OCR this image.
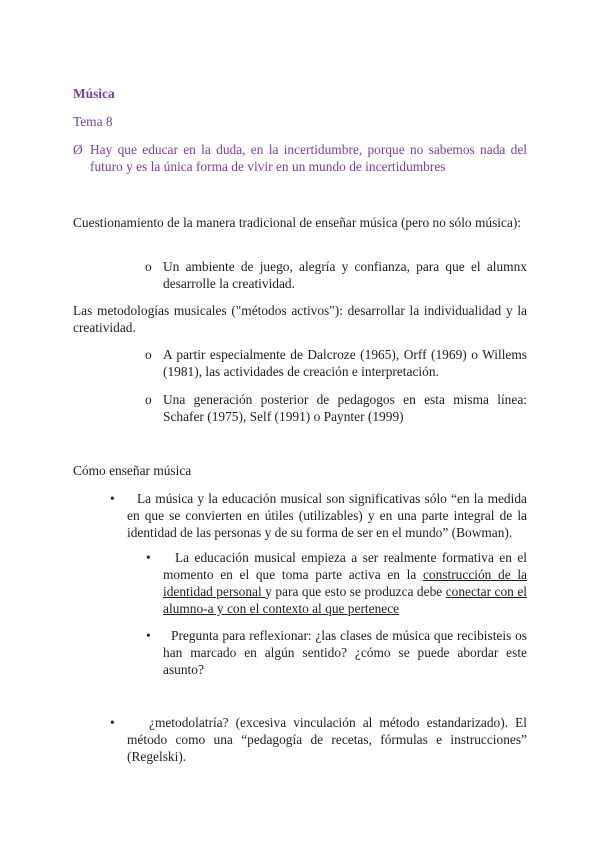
Música
Tema 8
Ø Hay que educar en la duda, en la incertidumbre, porque no sabemos nada del futuro y es la única forma de vivir en un mundo de incertidumbres
Cuestionamiento de la manera tradicional de enseñar música (pero no sólo música):
o Un ambiente de juego, alegría y confianza, para que el alumnx desarrolle la creatividad.
Las metodologías musicales ("métodos activos"): desarrollar la individualidad y la creatividad.
o A partir especialmente de Dalcroze (1965), Orff (1969) o Willems (1981), las actividades de creación e interpretación.
o Una generación posterior de pedagogos en esta misma línea: Schafer (1975), Self (1991) o Paynter (1999)
Cómo enseñar música
•	La música y la educación musical son significativas sólo “en la medida en que se convierten en útiles (utilizables) y en una parte integral de la identidad de las personas y de su forma de ser en el mundo” (Bowman).
•	La educación musical empieza a ser realmente formativa en el momento en el que toma parte activa en la construcción de la identidad personal y para que esto se produzca debe conectar con el alumno-a y con el contexto al que pertenece
•	Pregunta para reflexionar: ¿las clases de música que recibisteis os han marcado en algún sentido? ¿cómo se puede abordar este asunto?
•	¿metodolatría? (excesiva vinculación al método estandarizado). El método como una “pedagogía de recetas, fórmulas e instrucciones” (Regelski).
